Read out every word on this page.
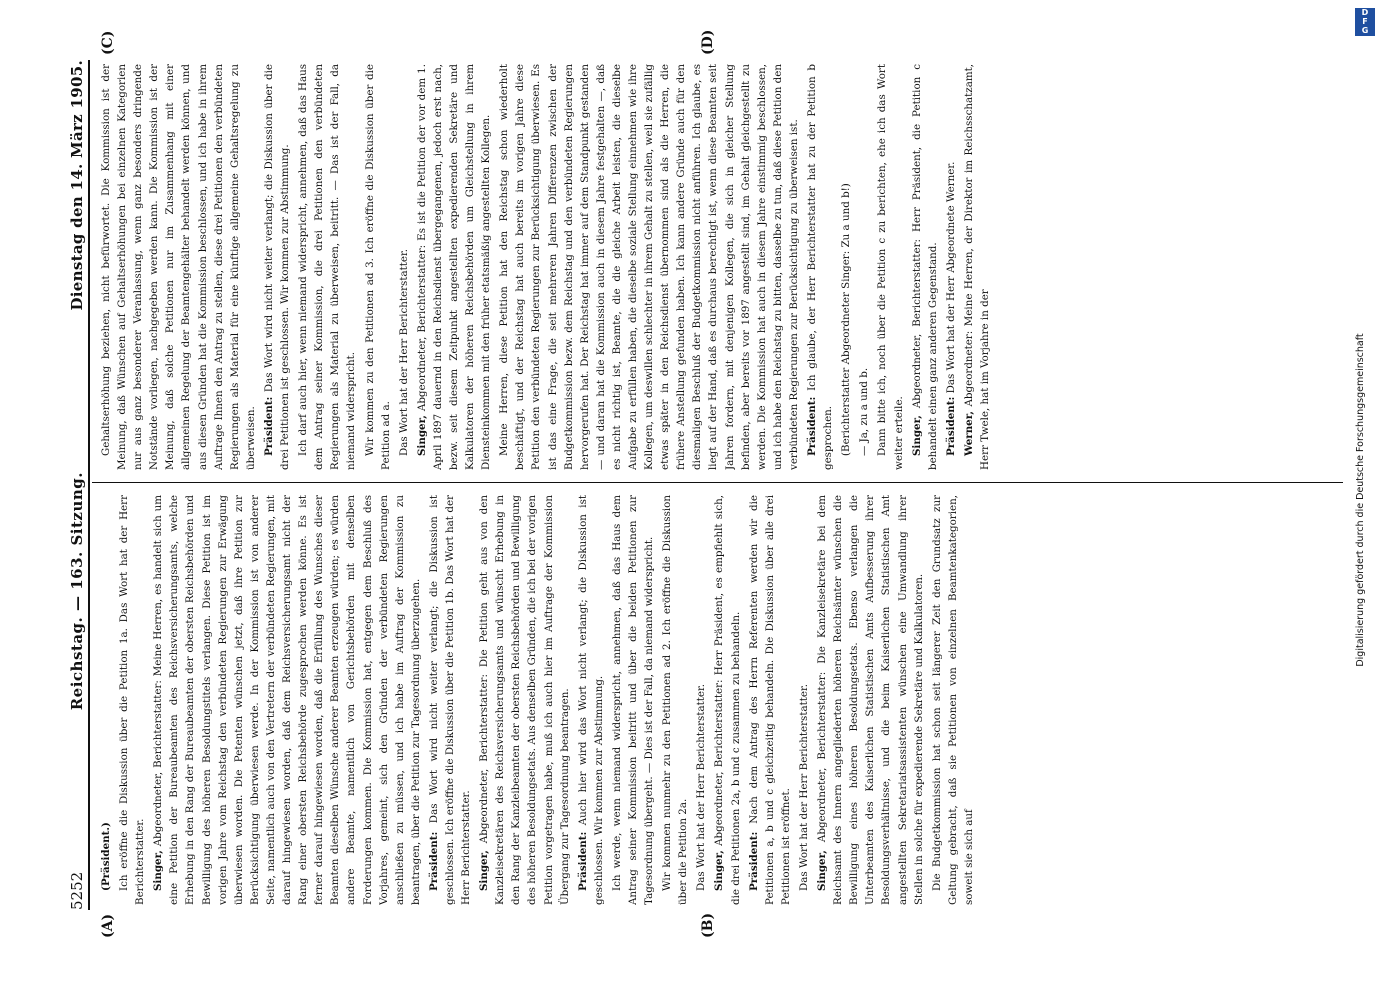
5252
Reichstag. — 163. Sitzung.
Dienstag den 14. März 1905.
(A)	(B)
(C)	(D)

(Präsident.) Ich eröffne die Diskussion über die Petition 1a. Das Wort hat der Herr Berichterstatter. Singer, Abgeordneter, Berichterstatter: Meine Herren, es handelt sich um eine Petition der Bureaubeamten des Reichsversicherungsamts, welche Erhebung in den Rang der Bureaubeamten der obersten Reichsbehörden und Bewilligung des höheren Besoldungstitels verlangen. Diese Petition ist im vorigen Jahre vom Reichstag den verbündeten Regierungen zur Erwägung überwiesen worden. Die Petenten wünschen jetzt, daß ihre Petition zur Berücksichtigung überwiesen werde. In der Kommission ist von anderer Seite, namentlich auch von den Vertretern der verbündeten Regierungen, mit darauf hingewiesen worden, daß dem Reichsversicherungsamt nicht der Rang einer obersten Reichsbehörde zugesprochen werden könne. Es ist ferner darauf hingewiesen worden, daß die Erfüllung des Wunsches dieser Beamten dieselben Wünsche anderer Beamten erzeugen würden; es würden andere Beamte, namentlich von Gerichtsbehörden mit denselben Forderungen kommen. Die Kommission hat, entgegen dem Beschluß des Vorjahres, gemeint, sich den Gründen der verbündeten Regierungen anschließen zu müssen, und ich habe im Auftrag der Kommission zu beantragen, über die Petition zur Tagesordnung überzugehen. Präsident: Das Wort wird nicht weiter verlangt; die Diskussion ist geschlossen. Ich eröffne die Diskussion über die Petition 1b. Das Wort hat der Herr Berichterstatter. Singer, Abgeordneter, Berichterstatter: Die Petition geht aus von den Kanzleisekretären des Reichsversicherungsamts und wünscht Erhebung in den Rang der Kanzleibeamten der obersten Reichsbehörden und Bewilligung des höheren Besoldungsetats. Aus denselben Gründen, die ich bei der vorigen Petition vorgetragen habe, muß ich auch hier im Auftrage der Kommission Übergang zur Tagesordnung beantragen. Präsident: Auch hier wird das Wort nicht verlangt; die Diskussion ist geschlossen. Wir kommen zur Abstimmung. Ich werde, wenn niemand widerspricht, annehmen, daß das Haus dem Antrag seiner Kommission beitritt und über die beiden Petitionen zur Tagesordnung übergeht. — Dies ist der Fall, da niemand widerspricht. Wir kommen nunmehr zu den Petitionen ad 2. Ich eröffne die Diskussion über die Petition 2a. Das Wort hat der Herr Berichterstatter. Singer, Abgeordneter, Berichterstatter: Herr Präsident, es empfiehlt sich, die drei Petitionen 2a, b und c zusammen zu behandeln. Präsident: Nach dem Antrag des Herrn Referenten werden wir die Petitionen a, b und c gleichzeitig behandeln. Die Diskussion über alle drei Petitionen ist eröffnet. Das Wort hat der Herr Berichterstatter. Singer, Abgeordneter, Berichterstatter: Die Kanzleisekretäre bei dem Reichsamt des Innern angegliederten höheren Reichsämter wünschen die Bewilligung eines höheren Besoldungsetats. Ebenso verlangen die Unterbeamten des Kaiserlichen Statistischen Amts Aufbesserung ihrer Besoldungsverhältnisse, und die beim Kaiserlichen Statistischen Amt angestellten Sekretariatsassistenten wünschen eine Umwandlung ihrer Stellen in solche für expedierende Sekretäre und Kalkulatoren. Die Budgetkommission hat schon seit längerer Zeit den Grundsatz zur Geltung gebracht, daß sie Petitionen von einzelnen Beamtenkategorien, soweit sie sich auf

Gehaltserhöhung beziehen, nicht befürwortet. Die Kommission ist der Meinung, daß Wünschen auf Gehaltserhöhungen bei einzelnen Kategorien nur aus ganz besonderer Veranlassung, wenn ganz besonders dringende Notstände vorliegen, nachgegeben werden kann. Die Kommission ist der Meinung, daß solche Petitionen nur im Zusammenhang mit einer allgemeinen Regelung der Beamtengehälter behandelt werden können, und aus diesen Gründen hat die Kommission beschlossen, und ich habe in ihrem Auftrage Ihnen den Antrag zu stellen, diese drei Petitionen den verbündeten Regierungen als Material für eine künftige allgemeine Gehaltsregelung zu überweisen. Präsident: Das Wort wird nicht weiter verlangt; die Diskussion über die drei Petitionen ist geschlossen. Wir kommen zur Abstimmung. Ich darf auch hier, wenn niemand widerspricht, annehmen, daß das Haus dem Antrag seiner Kommission, die drei Petitionen den verbündeten Regierungen als Material zu überweisen, beitritt. — Das ist der Fall, da niemand widerspricht. Wir kommen zu den Petitionen ad 3. Ich eröffne die Diskussion über die Petition ad a. Das Wort hat der Herr Berichterstatter. Singer, Abgeordneter, Berichterstatter: Es ist die Petition der vor dem 1. April 1897 dauernd in den Reichsdienst übergegangenen, jedoch erst nach, bezw. seit diesem Zeitpunkt angestellten expedierenden Sekretäre und Kalkulatoren der höheren Reichsbehörden um Gleichstellung in ihrem Diensteinkommen mit den früher etatsmäßig angestellten Kollegen. Meine Herren, diese Petition hat den Reichstag schon wiederholt beschäftigt, und der Reichstag hat auch bereits im vorigen Jahre diese Petition den verbündeten Regierungen zur Berücksichtigung überwiesen. Es ist das eine Frage, die seit mehreren Jahren Differenzen zwischen der Budgetkommission bezw. dem Reichstag und den verbündeten Regierungen hervorgerufen hat. Der Reichstag hat immer auf dem Standpunkt gestanden — und daran hat die Kommission auch in diesem Jahre festgehalten —, daß es nicht richtig ist, Beamte, die die gleiche Arbeit leisten, die dieselbe Aufgabe zu erfüllen haben, die dieselbe soziale Stellung einnehmen wie ihre Kollegen, um deswillen schlechter in ihrem Gehalt zu stellen, weil sie zufällig etwas später in den Reichsdienst übernommen sind als die Herren, die frühere Anstellung gefunden haben. Ich kann andere Gründe auch für den diesmaligen Beschluß der Budgetkommission nicht anführen. Ich glaube, es liegt auf der Hand, daß es durchaus berechtigt ist, wenn diese Beamten seit Jahren fordern, mit denjenigen Kollegen, die sich in gleicher Stellung befinden, aber bereits vor 1897 angestellt sind, im Gehalt gleichgestellt zu werden. Die Kommission hat auch in diesem Jahre einstimmig beschlossen, und ich habe den Reichstag zu bitten, dasselbe zu tun, daß diese Petition den verbündeten Regierungen zur Berücksichtigung zu überweisen ist. Präsident: Ich glaube, der Herr Berichterstatter hat zu der Petition b gesprochen. (Berichterstatter Abgeordneter Singer: Zu a und b!) — Ja, zu a und b. Dann bitte ich, noch über die Petition c zu berichten, ehe ich das Wort weiter erteile. Singer, Abgeordneter, Berichterstatter: Herr Präsident, die Petition c behandelt einen ganz anderen Gegenstand. Präsident: Das Wort hat der Herr Abgeordnete Werner.

Werner, Abgeordneter: Meine Herren, der Direktor im Reichsschatzamt, Herr Twele, hat im Vorjahre in der	Digitalisierung gefördert durch die Deutsche Forschungsgemeinschaft
D
F
G
